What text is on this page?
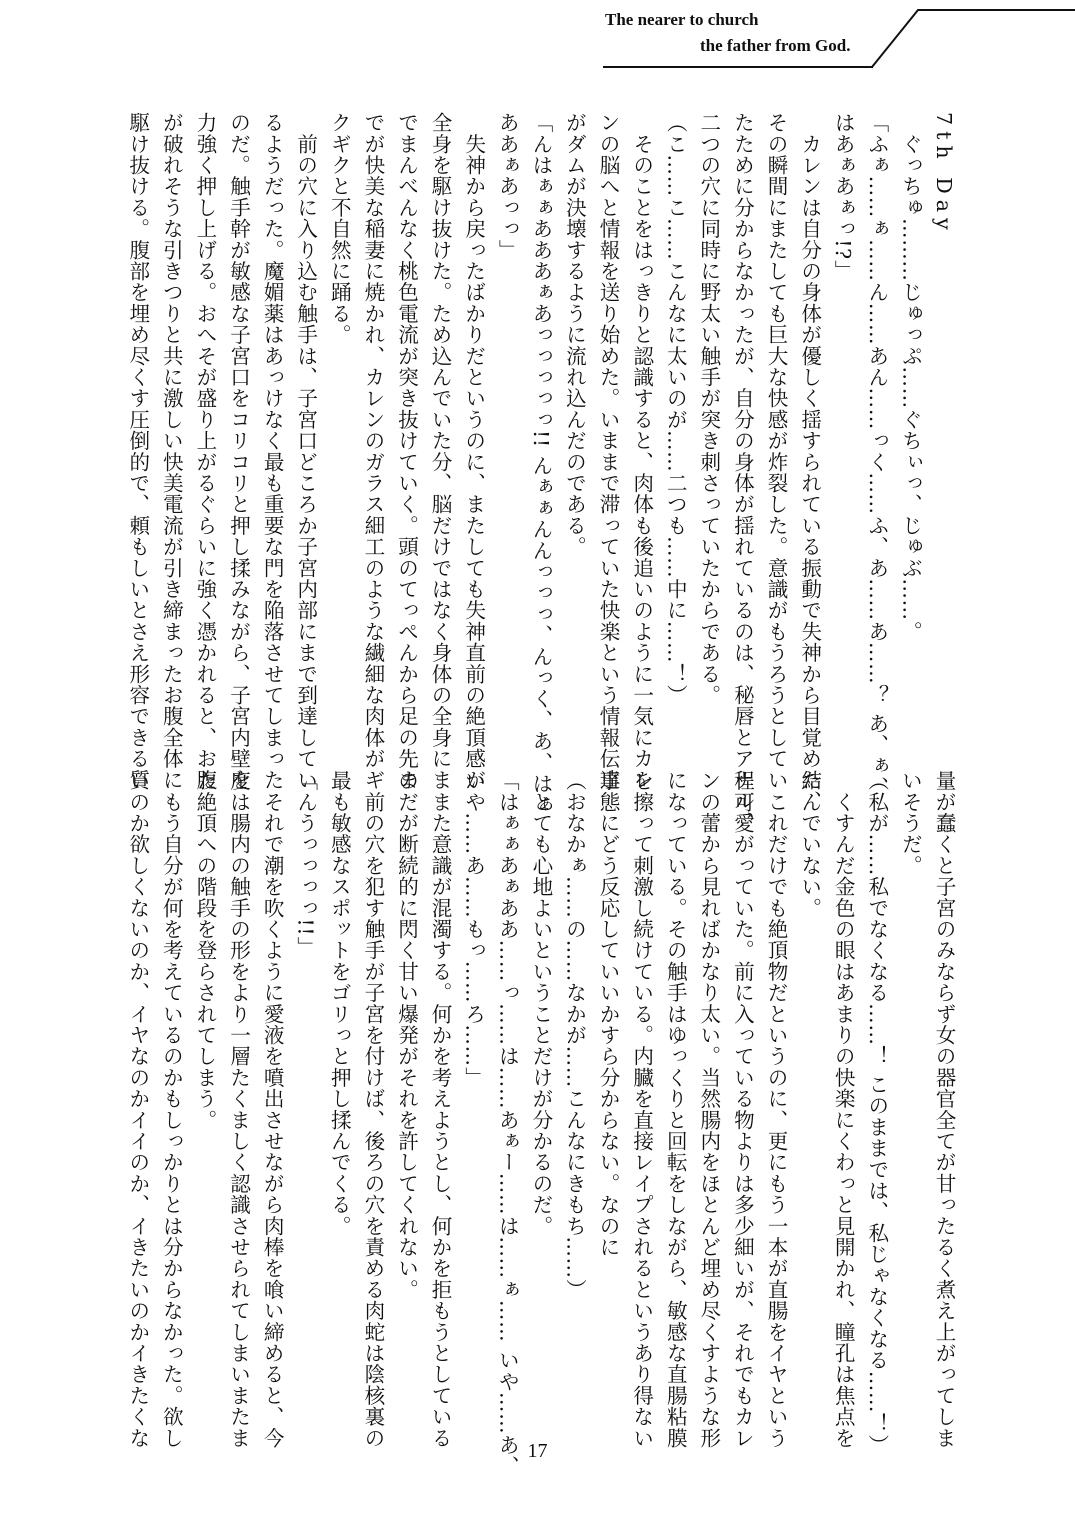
The nearer to church
the father from God.
7th Day
　ぐっちゅ………じゅっぷ……ぐちぃっ、じゅぶ……。
「ふぁ……ぁ……ん……あん……っく……ふ、あ……あ……？ あ、ぁ、
はあぁあぁっ!?」
　カレンは自分の身体が優しく揺すられている振動で失神から目覚めた、
その瞬間にまたしても巨大な快感が炸裂した。意識がもうろうとしてい
たために分からなかったが、自分の身体が揺れているのは、秘唇とアナル、
二つの穴に同時に野太い触手が突き刺さっていたからである。
（こ……こ……こんなに太いのが……二つも……中に……！）
　そのことをはっきりと認識すると、肉体も後追いのように一気にカレ
ンの脳へと情報を送り始めた。いままで滞っていた快楽という情報伝達
がダムが決壊するように流れ込んだのである。
「んはぁぁあああぁあっっっっっ!! んぁぁんんっっっ、んっく、あ、はぁ
ああぁあっっ」
　失神から戻ったばかりだというのに、またしても失神直前の絶頂感が
全身を駆け抜けた。ため込んでいた分、脳だけではなく身体の全身にま
でまんべんなく桃色電流が突き抜けていく。頭のてっぺんから足の先ま
でが快美な稲妻に焼かれ、カレンのガラス細工のような繊細な肉体がギ
クギクと不自然に踊る。
　前の穴に入り込む触手は、子宮口どころか子宮内部にまで到達してい
るようだった。魔媚薬はあっけなく最も重要な門を陥落させてしまった
のだ。触手幹が敏感な子宮口をコリコリと押し揉みながら、子宮内壁を
力強く押し上げる。おへそが盛り上がるぐらいに強く憑かれると、お腹
が破れそうな引きつりと共に激しい快美電流が引き締まったお腹全体に
駆け抜ける。腹部を埋め尽くす圧倒的で、頼もしいとさえ形容できる質
量が蠢くと子宮のみならず女の器官全てが甘ったるく煮え上がってしま
いそうだ。
（私が……私でなくなる……！ このままでは、私じゃなくなる……！）
　くすんだ金色の眼はあまりの快楽にくわっと見開かれ、瞳孔は焦点を
結んでいない。
　これだけでも絶頂物だというのに、更にもう一本が直腸をイヤという
程可愛がっていた。前に入っている物よりは多少細いが、それでもカレ
ンの蕾から見ればかなり太い。当然腸内をほとんど埋め尽くすような形
になっている。その触手はゆっくりと回転をしながら、敏感な直腸粘膜
を擦って刺激し続けている。内臓を直接レイプされるというあり得ない
事態にどう反応していいかすら分からない。なのに
（おなかぁ……の……なかが……こんなにきもち……）
　とても心地よいということだけが分かるのだ。
「はぁぁあぁああ……っ……は……あぁー……は……ぁ…… いや……あ、
いや……あ……もっ……ろ……」
　また意識が混濁する。何かを考えようとし、何かを拒もうとしている
のだが断続的に閃く甘い爆発がそれを許してくれない。
　前の穴を犯す触手が子宮を付けば、後ろの穴を責める肉蛇は陰核裏の
最も敏感なスポットをゴリっと押し揉んでくる。
「んうっっっっ!!」
　それで潮を吹くように愛液を噴出させながら肉棒を喰い締めると、今
度は腸内の触手の形をより一層たくましく認識させられてしまいまたま
た絶頂への階段を登らされてしまう。
　もう自分が何を考えているのかもしっかりとは分からなかった。欲し
いのか欲しくないのか、イヤなのかイイのか、イきたいのかイきたくな
17
